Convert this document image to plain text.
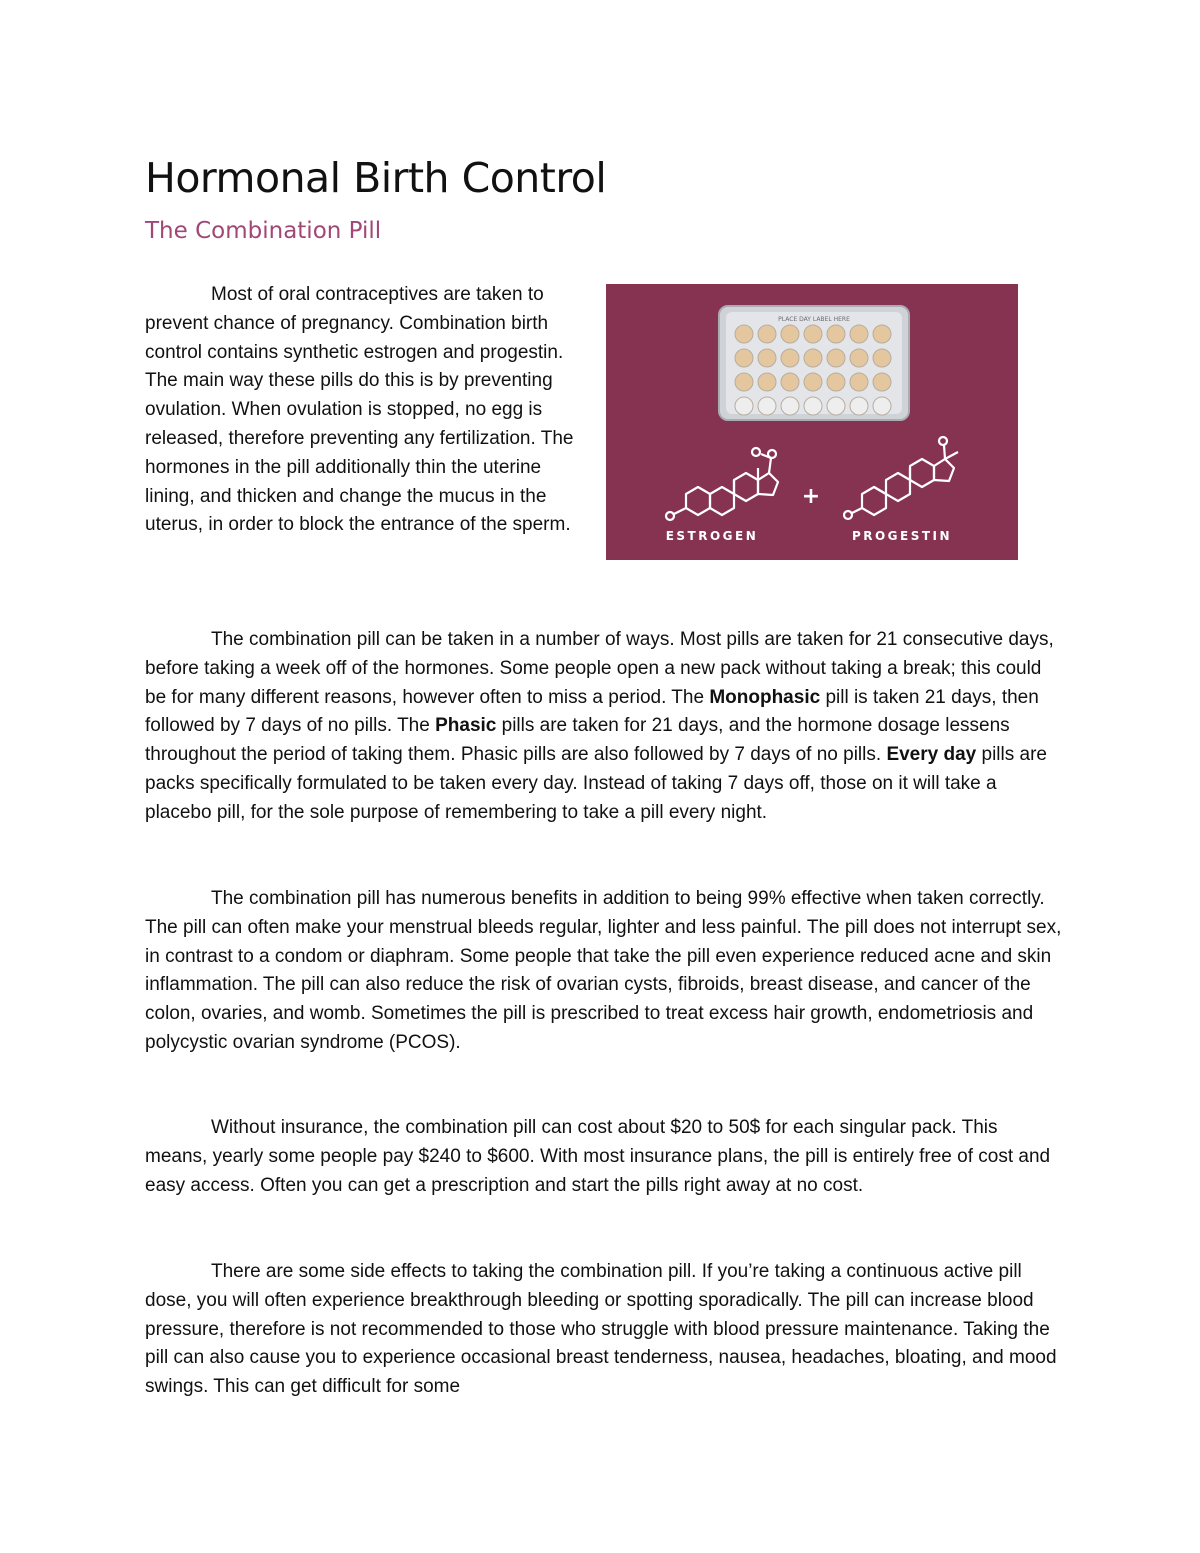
Hormonal Birth Control
The Combination Pill

Most of oral contraceptives are taken to prevent chance of pregnancy. Combination birth control contains synthetic estrogen and progestin. The main way these pills do this is by preventing ovulation. When ovulation is stopped, no egg is released, therefore preventing any fertilization. The hormones in the pill additionally thin the uterine lining, and thicken and change the mucus in the uterus, in order to block the entrance of the sperm.

PLACE DAY LABEL HERE
+
ESTROGEN	PROGESTIN

The combination pill can be taken in a number of ways. Most pills are taken for 21 consecutive days, before taking a week off of the hormones. Some people open a new pack without taking a break; this could be for many different reasons, however often to miss a period. The Monophasic pill is taken 21 days, then followed by 7 days of no pills. The Phasic pills are taken for 21 days, and the hormone dosage lessens throughout the period of taking them. Phasic pills are also followed by 7 days of no pills. Every day pills are packs specifically formulated to be taken every day. Instead of taking 7 days off, those on it will take a placebo pill, for the sole purpose of remembering to take a pill every night.

The combination pill has numerous benefits in addition to being 99% effective when taken correctly. The pill can often make your menstrual bleeds regular, lighter and less painful. The pill does not interrupt sex, in contrast to a condom or diaphram. Some people that take the pill even experience reduced acne and skin inflammation. The pill can also reduce the risk of ovarian cysts, fibroids, breast disease, and cancer of the colon, ovaries, and womb. Sometimes the pill is prescribed to treat excess hair growth, endometriosis and polycystic ovarian syndrome (PCOS).

Without insurance, the combination pill can cost about $20 to 50$ for each singular pack. This means, yearly some people pay $240 to $600. With most insurance plans, the pill is entirely free of cost and easy access. Often you can get a prescription and start the pills right away at no cost.

There are some side effects to taking the combination pill. If you’re taking a continuous active pill dose, you will often experience breakthrough bleeding or spotting sporadically. The pill can increase blood pressure, therefore is not recommended to those who struggle with blood pressure maintenance. Taking the pill can also cause you to experience occasional breast tenderness, nausea, headaches, bloating, and mood swings. This can get difficult for some
